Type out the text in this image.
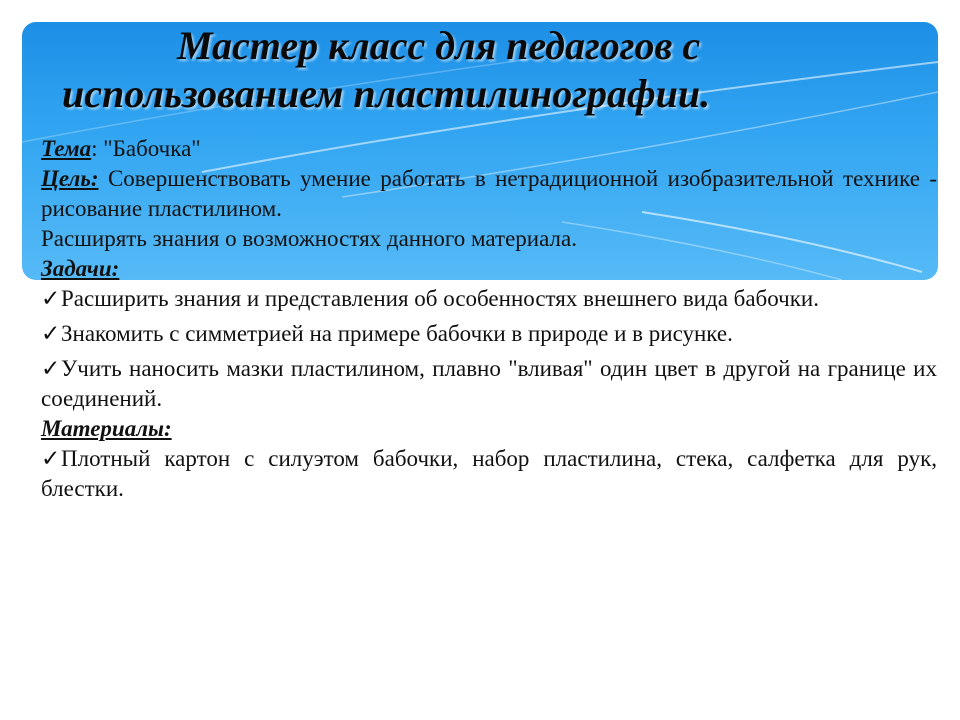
Мастер класс для педагогов с
использованием пластилинографии.

Тема: "Бабочка"

Цель: Совершенствовать умение работать в нетрадиционной изобразительной технике - рисование пластилином.

Расширять знания о возможностях данного материала.

Задачи:

✓Расширить знания и представления об особенностях внешнего вида бабочки.

✓Знакомить с симметрией на примере бабочки в природе и в рисунке.

✓Учить наносить мазки пластилином, плавно "вливая" один цвет в другой на границе их соединений.

Материалы:

✓Плотный картон с силуэтом бабочки, набор пластилина, стека, салфетка для рук, блестки.
